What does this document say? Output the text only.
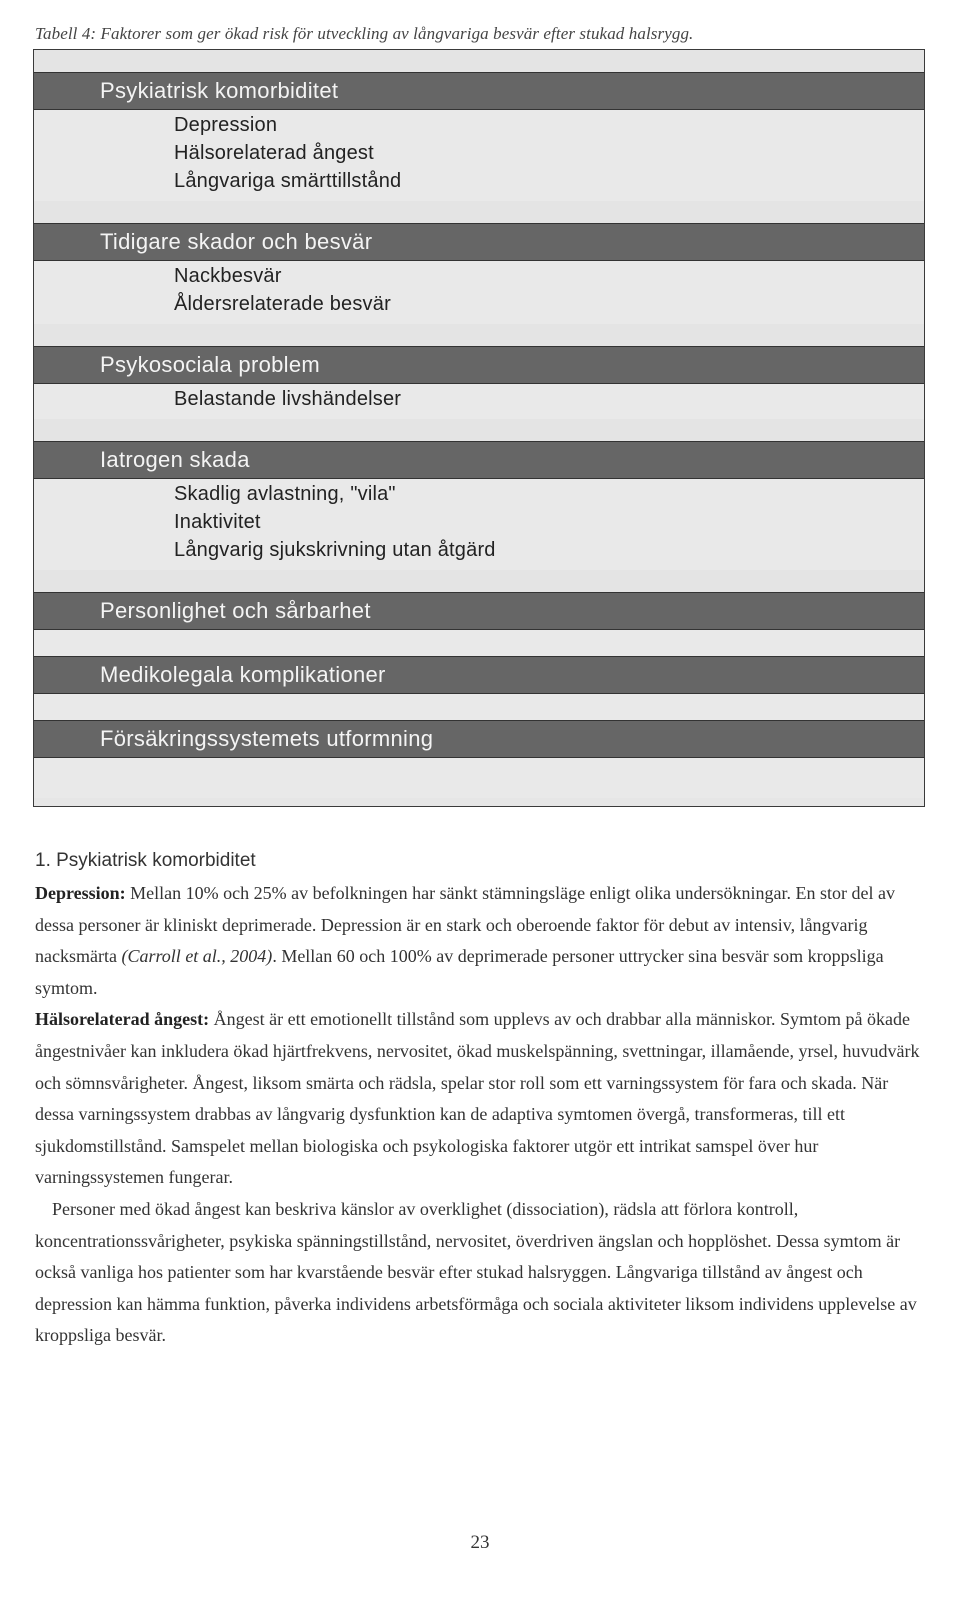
Tabell 4: Faktorer som ger ökad risk för utveckling av långvariga besvär efter stukad halsrygg.
Psykiatrisk komorbiditet
Depression
Hälsorelaterad ångest
Långvariga smärttillstånd
Tidigare skador och besvär
Nackbesvär
Åldersrelaterade besvär
Psykosociala problem
Belastande livshändelser
Iatrogen skada
Skadlig avlastning, "vila"
Inaktivitet
Långvarig sjukskrivning utan åtgärd
Personlighet och sårbarhet
Medikolegala komplikationer
Försäkringssystemets utformning
1. Psykiatrisk komorbiditet

Depression: Mellan 10% och 25% av befolkningen har sänkt stämningsläge enligt olika undersökningar. En stor del av dessa personer är kliniskt deprimerade. Depression är en stark och oberoende faktor för debut av intensiv, långvarig nacksmärta (Carroll et al., 2004). Mellan 60 och 100% av deprimerade personer uttrycker sina besvär som kroppsliga symtom.

Hälsorelaterad ångest: Ångest är ett emotionellt tillstånd som upplevs av och drabbar alla människor. Symtom på ökade ångestnivåer kan inkludera ökad hjärtfrekvens, nervositet, ökad muskelspänning, svettningar, illamående, yrsel, huvudvärk och sömnsvårigheter. Ångest, liksom smärta och rädsla, spelar stor roll som ett varningssystem för fara och skada. När dessa varningssystem drabbas av långvarig dysfunktion kan de adaptiva symtomen övergå, transformeras, till ett sjukdomstillstånd. Samspelet mellan biologiska och psykologiska faktorer utgör ett intrikat samspel över hur varningssystemen fungerar.

Personer med ökad ångest kan beskriva känslor av overklighet (dissociation), rädsla att förlora kontroll, koncentrationssvårigheter, psykiska spänningstillstånd, nervositet, överdriven ängslan och hopplöshet. Dessa symtom är också vanliga hos patienter som har kvarstående besvär efter stukad halsryggen. Långvariga tillstånd av ångest och depression kan hämma funktion, påverka individens arbetsförmåga och sociala aktiviteter liksom individens upplevelse av kroppsliga besvär.

23
